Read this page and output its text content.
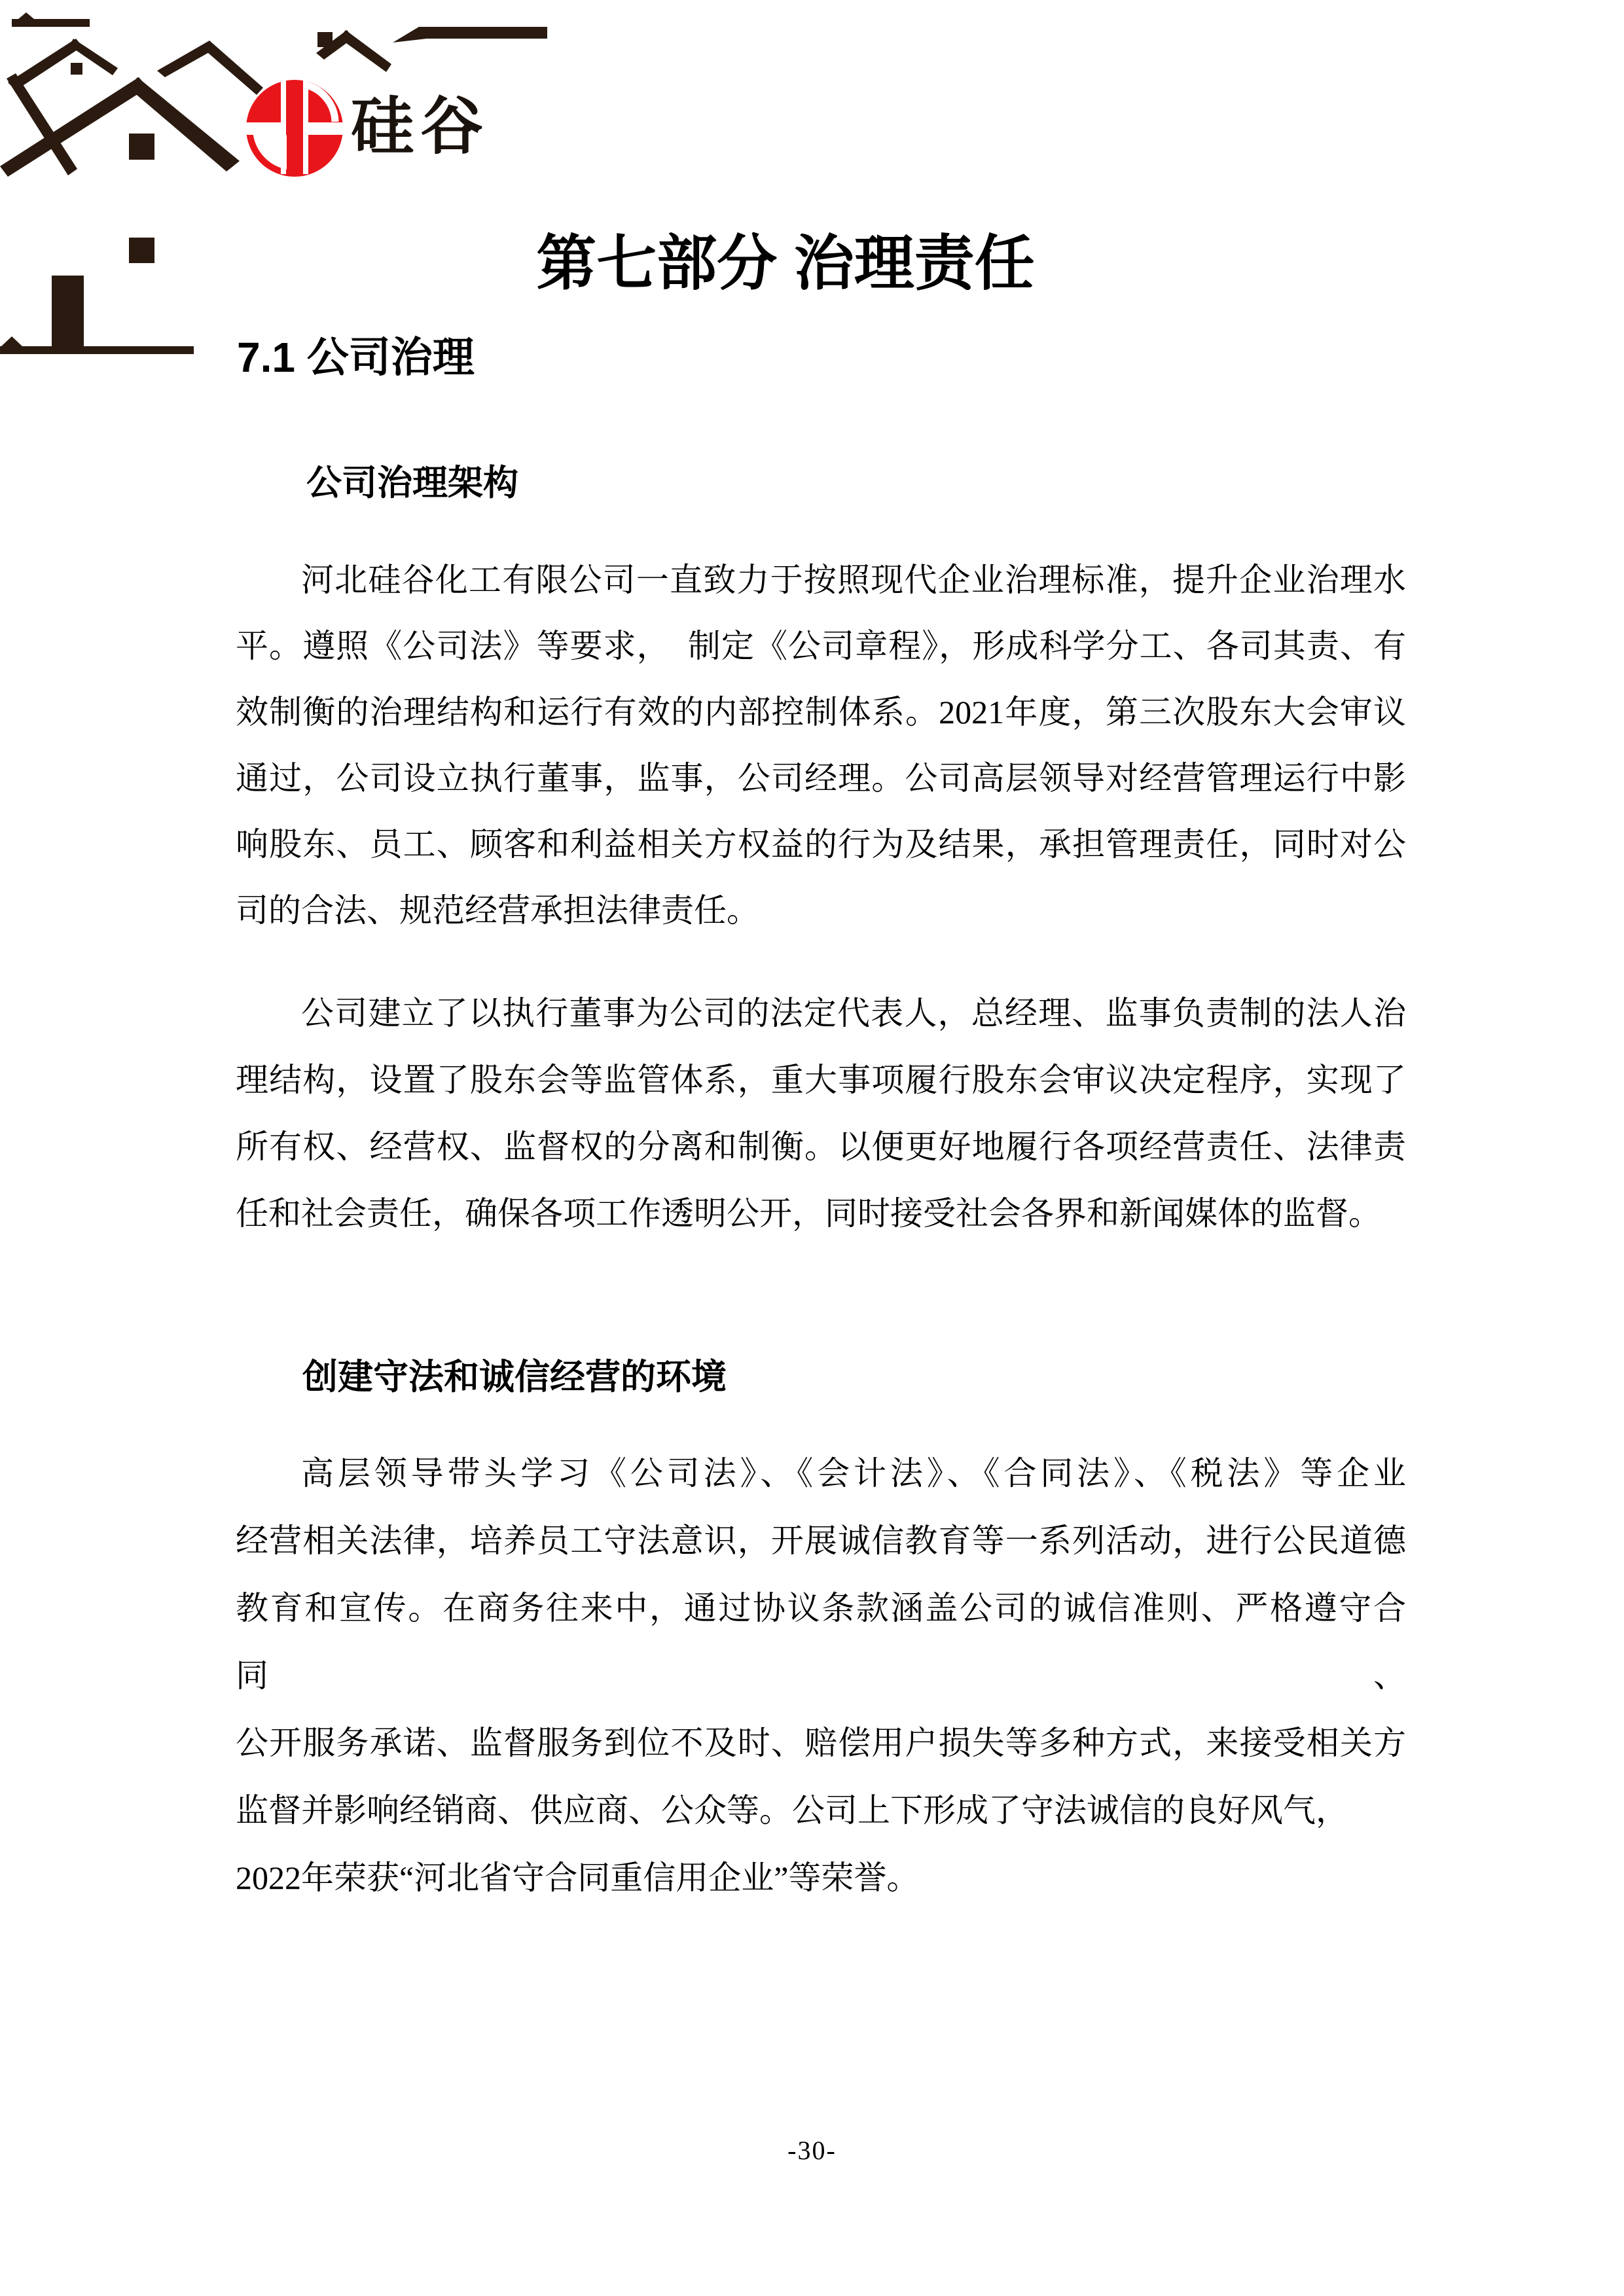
硅谷
第七部分 治理责任
7.1 公司治理
公司治理架构
河北硅谷化工有限公司一直致力于按照现代企业治理标准，提升企业治理水
平。遵照《公司法》等要求，  制定《公司章程》，形成科学分工、各司其责、有
效制衡的治理结构和运行有效的内部控制体系。2021年度，第三次股东大会审议
通过，公司设立执行董事，监事，公司经理。公司高层领导对经营管理运行中影
响股东、员工、顾客和利益相关方权益的行为及结果，承担管理责任，同时对公
司的合法、规范经营承担法律责任。
公司建立了以执行董事为公司的法定代表人，总经理、监事负责制的法人治
理结构，设置了股东会等监管体系，重大事项履行股东会审议决定程序，实现了
所有权、经营权、监督权的分离和制衡。以便更好地履行各项经营责任、法律责
任和社会责任，确保各项工作透明公开，同时接受社会各界和新闻媒体的监督。
创建守法和诚信经营的环境
高层领导带头学习《公司法》、《会计法》、《合同法》、《税法》等企业
经营相关法律，培养员工守法意识，开展诚信教育等一系列活动，进行公民道德
教育和宣传。在商务往来中，通过协议条款涵盖公司的诚信准则、严格遵守合同、
公开服务承诺、监督服务到位不及时、赔偿用户损失等多种方式，来接受相关方
监督并影响经销商、供应商、公众等。公司上下形成了守法诚信的良好风气，
2022年荣获“河北省守合同重信用企业”等荣誉。
-30-
